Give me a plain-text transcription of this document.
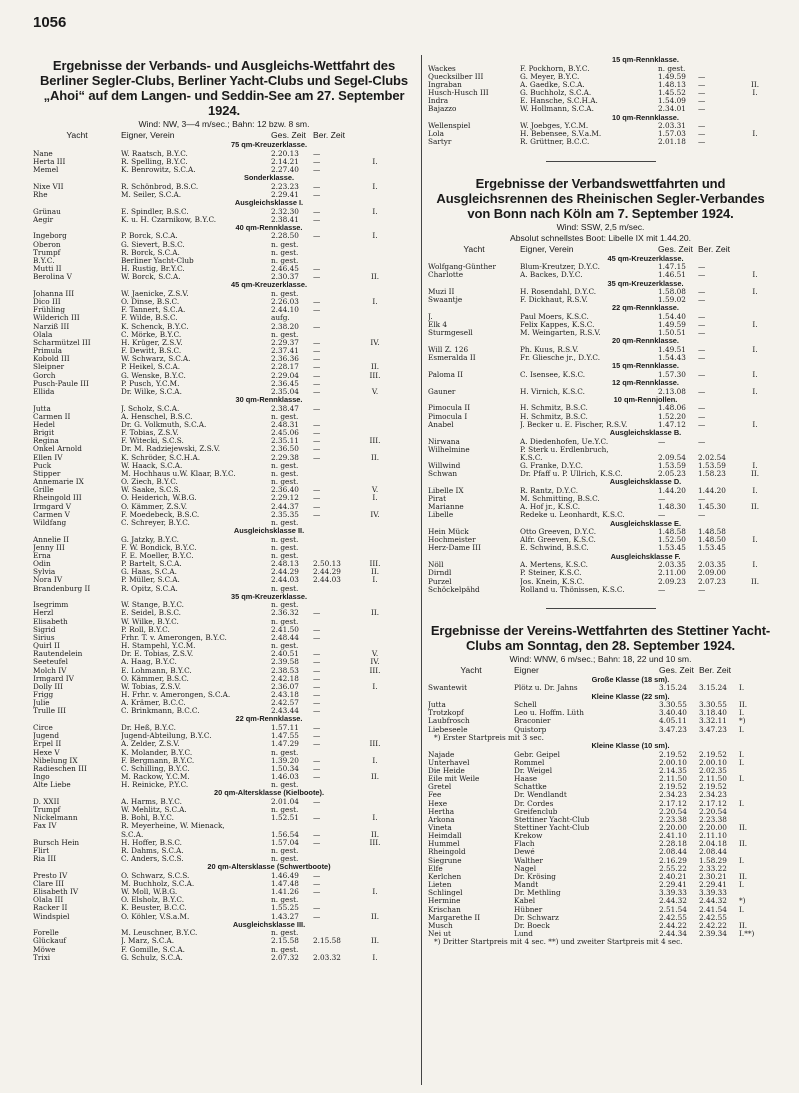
1056
Ergebnisse der Verbands- und Ausgleichs-Wettfahrt des Berliner Segler-Clubs, Berliner Yacht-Clubs und Segel-Clubs „Ahoi“ auf dem Langen- und Seddin-See am 27. September 1924.
Wind: NW, 3—4 m/sec.; Bahn: 12 bzw. 8 sm.
Yacht	Eigner, Verein	Ges. Zeit Ber. Zeit
75 qm-Kreuzerklasse.
Nane	W. Raatsch, B.Y.C.	2.20.13	—
Herta III	R. Spelling, B.Y.C.	2.14.21	—	I.
Memel	K. Benrowitz, S.C.A.	2.27.40	—
Sonderklasse.
Nixe VII	R. Schönbrod, B.S.C.	2.23.23	—	I.
Rhe	M. Seiler, S.C.A.	2.29.41	—
Ausgleichsklasse I.
Grünau	E. Spindler, B.S.C.	2.32.30	—	I.
Aegir	K. u. H. Czarnikow, B.Y.C.	2.38.41	—
40 qm-Rennklasse.
Ingeborg	P. Borck, S.C.A.	2.28.50	—	I.
Oberon	G. Sievert, B.S.C.	n. gest.
Trumpf	R. Borck, S.C.A.	n. gest.
B.Y.C.	Berliner Yacht-Club	n. gest.
Mutti II	H. Rustig, Br.Y.C.	2.46.45	—
Berolina V	W. Borck, S.C.A.	2.30.37	—	II.
45 qm-Kreuzerklasse.
Johanna III	W. Jaenicke, Z.S.V.	n. gest.
Dico III	O. Dinse, B.S.C.	2.26.03	—	I.
Frühling	F. Tannert, S.C.A.	2.44.10	—
Wilderich III	F. Wilde, B.S.C.	aufg.
Narziß III	K. Schenck, B.Y.C.	2.38.20	—
Olala	C. Mörke, B.Y.C.	n. gest.
Scharmützel III	H. Krüger, Z.S.V.	2.29.37	—	IV.
Primula	F. Dewitt, B.S.C.	2.37.41	—
Kobold III	W. Schwarz, S.C.A.	2.36.36	—
Sleipner	P. Heikel, S.C.A.	2.28.17	—	II.
Gorch	G. Wenske, B.Y.C.	2.29.04	—	III.
Pusch-Paule III	P. Pusch, Y.C.M.	2.36.45	—
Ellida	Dr. Wilke, S.C.A.	2.35.04	—	V.
30 qm-Rennklasse.
Jutta	J. Scholz, S.C.A.	2.38.47	—
Carmen II	A. Henschel, B.S.C.	n. gest.
Hedel	Dr. G. Volkmuth, S.C.A.	2.48.31	—
Brigit	F. Tobias, Z.S.V.	2.45.06	—
Regina	F. Witecki, S.C.S.	2.35.11	—	III.
Onkel Arnold	Dr. M. Radziejewski, Z.S.V.	2.36.50	—
Ellen IV	K. Schröder, S.C.H.A.	2.29.38	—	II.
Puck	W. Haack, S.C.A.	n. gest.
Stipper	M. Hochhaus u.W. Klaar, B.Y.C.	n. gest.
Annemarie IX	O. Ziech, B.Y.C.	n. gest.
Grille	W. Saake, S.C.S.	2.36.40	—	V.
Rheingold III	O. Heiderich, W.B.G.	2.29.12	—	I.
Irmgard V	O. Kämmer, Z.S.V.	2.44.37	—
Carmen V	F. Moedebeck, B.S.C.	2.35.35	—	IV.
Wildfang	C. Schreyer, B.Y.C.	n. gest.
Ausgleichsklasse II.
Annelie II	G. Jatzky, B.Y.C.	n. gest.
Jenny III	F. W. Bondick, B.Y.C.	n. gest.
Erna	F. E. Moeller, B.Y.C.	n. gest.
Odin	P. Bartelt, S.C.A.	2.48.13	2.50.13	III.
Sylvia	G. Haas, S.C.A.	2.44.29	2.44.29	II.
Nora IV	P. Müller, S.C.A.	2.44.03	2.44.03	I.
Brandenburg II	R. Opitz, S.C.A.	n. gest.
35 qm-Kreuzerklasse.
Isegrimm	W. Stange, B.Y.C.	n. gest.
Herzl	E. Seidel, B.S.C.	2.36.32	—	II.
Elisabeth	W. Wilke, B.Y.C.	n. gest.
Sigrid	P. Roll, B.Y.C.	2.41.50	—
Sirius	Frhr. T. v. Amerongen, B.Y.C.	2.48.44	—
Quirl II	H. Stampehl, Y.C.M.	n. gest.
Rautendelein	Dr. E. Tobias, Z.S.V.	2.40.51	—	V.
Seeteufel	A. Haag, B.Y.C.	2.39.58	—	IV.
Molch IV	E. Lohmann, B.Y.C.	2.38.53	—	III.
Irmgard IV	O. Kämmer, B.S.C.	2.42.18	—
Dolly III	W. Tobias, Z.S.V.	2.36.07	—	I.
Frigg	H. Frhr. v. Amerongen, S.C.A.	2.43.18	—
Julie	A. Krämer, B.C.C.	2.42.57	—
Trulle III	C. Brinkmann, B.C.C.	2.43.44	—
22 qm-Rennklasse.
Circe	Dr. Heß, B.Y.C.	1.57.11	—
Jugend	Jugend-Abteilung, B.Y.C.	1.47.55	—
Erpel II	A. Zelder, Z.S.V.	1.47.29	—	III.
Hexe V	K. Molander, B.Y.C.	n. gest.
Nibelung IX	F. Bergmann, B.Y.C.	1.39.20	—	I.
Radieschen III	C. Schilling, B.Y.C.	1.50.34	—
Ingo	M. Rackow, Y.C.M.	1.46.03	—	II.
Alte Liebe	H. Reinicke, P.Y.C.	n. gest.
20 qm-Altersklasse (Kielboote).
D. XXII	A. Harms, B.Y.C.	2.01.04	—
Trumpf	W. Mehlitz, S.C.A.	n. gest.
Nickelmann	B. Bohl, B.Y.C.	1.52.51	—	I.
Fax IV	R. Meyerheine, W. Mienack,
S.C.A.	1.56.54	—	II.
Bursch Hein	H. Hoffer, B.S.C.	1.57.04	—	III.
Flirt	R. Dahms, S.C.A.	n. gest.
Ria III	C. Anders, S.C.S.	n. gest.
20 qm-Altersklasse (Schwertboote)
Presto IV	O. Schwarz, S.C.S.	1.46.49	—
Clare III	M. Buchholz, S.C.A.	1.47.48	—
Elisabeth IV	W. Moll, W.B.G.	1.41.26	—	I.
Olala III	O. Elsholz, B.Y.C.	n. gest.
Racker II	K. Beuster, B.C.C.	1.55.25	—
Windspiel	O. Köhler, V.S.a.M.	1.43.27	—	II.
Ausgleichsklasse III.
Forelle	M. Leuschner, B.Y.C.	n. gest.
Glückauf	J. Marz, S.C.A.	2.15.58	2.15.58	II.
Möwe	F. Gomille, S.C.A.	n. gest.
Trixi	G. Schulz, S.C.A.	2.07.32	2.03.32	I.
15 qm-Rennklasse.
Wackes	F. Pockhorn, B.Y.C.	n. gest.
Quecksilber III	G. Meyer, B.Y.C.	1.49.59	—
Ingraban	A. Gaedke, S.C.A.	1.48.13	—	II.
Husch-Husch III	G. Buchholz, S.C.A.	1.45.52	—	I.
Indra	E. Hansche, S.C.H.A.	1.54.09	—
Bajazzo	W. Hollmann, S.C.A.	2.34.01	—
10 qm-Rennklasse.
Wellenspiel	W. Joebges, Y.C.M.	2.03.31	—
Lola	H. Bebensee, S.V.a.M.	1.57.03	—	I.
Sartyr	R. Grüttner, B.C.C.	2.01.18	—
Ergebnisse der Verbandswettfahrten und Ausgleichsrennen des Rheinischen Segler-Verbandes von Bonn nach Köln am 7. September 1924.
Wind: SSW, 2,5 m/sec.
Absolut schnellstes Boot: Libelle IX mit 1.44.20.
Yacht	Eigner, Verein	Ges. Zeit Ber. Zeit
45 qm-Kreuzerklasse.
Wolfgang-Günther	Blum-Kreutzer, D.Y.C.	1.47.15	—
Charlotte	A. Backes, D.Y.C.	1.46.51	—	I.
35 qm-Kreuzerklasse.
Muzi II	H. Rosendahl, D.Y.C.	1.58.08	—	I.
Swaantje	F. Dickhaut, R.S.V.	1.59.02	—
22 qm-Rennklasse.
J.	Paul Moers, K.S.C.	1.54.40	—
Elk 4	Felix Kappes, K.S.C.	1.49.59	—	I.
Sturmgesell	M. Weingarten, R.S.V.	1.50.51	—
20 qm-Rennklasse.
Will Z. 126	Ph. Kuus, R.S.V.	1.49.51	—	I.
Esmeralda II	Fr. Gliesche jr., D.Y.C.	1.54.43	—
15 qm-Rennklasse.
Paloma II	C. Isensee, K.S.C.	1.57.30	—	I.
12 qm-Rennklasse.
Gauner	H. Virnich, K.S.C.	2.13.08	—	I.
10 qm-Rennjollen.
Pimocula II	H. Schmitz, B.S.C.	1.48.06	—
Pimocula I	H. Schmitz, B.S.C.	1.52.20	—
Anabel	J. Becker u. E. Fischer, R.S.V.	1.47.12	—	I.
Ausgleichsklasse B.
Nirwana	A. Diedenhofen, Ue.Y.C.	—	—
Wilhelmine	P. Sterk u. Erdlenbruch,
K.S.C.	2.09.54	2.02.54
Willwind	G. Franke, D.Y.C.	1.53.59	1.53.59	I.
Schwan	Dr. Pfaff u. P. Ullrich, K.S.C.	2.05.23	1.58.23	II.
Ausgleichsklasse D.
Libelle IX	R. Rantz, D.Y.C.	1.44.20	1.44.20	I.
Pirat	M. Schmitting, B.S.C.	—	—
Marianne	A. Hof jr., K.S.C.	1.48.30	1.45.30	II.
Libelle	Redeke u. Leonhardt, K.S.C.	—	—
Ausgleichsklasse E.
Hein Mück	Otto Greeven, D.Y.C.	1.48.58	1.48.58
Hochmeister	Alfr. Greeven, K.S.C.	1.52.50	1.48.50	I.
Herz-Dame III	E. Schwind, B.S.C.	1.53.45	1.53.45
Ausgleichsklasse F.
Nöll	A. Mertens, K.S.C.	2.03.35	2.03.35	I.
Dirndl	P. Steiner, K.S.C.	2.11.00	2.09.00
Purzel	Jos. Knein, K.S.C.	2.09.23	2.07.23	II.
Schöckelpähd	Rolland u. Thönissen, K.S.C.	—	—
Ergebnisse der Vereins-Wettfahrten des Stettiner Yacht-Clubs am Sonntag, den 28. September 1924.
Wind: WNW, 6 m/sec.; Bahn: 18, 22 und 10 sm.
Yacht	Eigner	Ges. Zeit Ber. Zeit
Große Klasse (18 sm).
Swantewit	Plötz u. Dr. Jahns	3.15.24	3.15.24	I.
Kleine Klasse (22 sm).
Jutta	Schell	3.30.55	3.30.55	II.
Trotzkopf	Leo u. Hoffm. Lüth	3.40.40	3.18.40	I.
Laubfrosch	Braconier	4.05.11	3.32.11	*)
Liebeseele	Quistorp	3.47.23	3.47.23	I.
*) Erster Startpreis mit 3 sec.
Kleine Klasse (10 sm).
Najade	Gebr. Geipel	2.19.52	2.19.52	I.
Unterhavel	Rommel	2.00.10	2.00.10	I.
Die Heide	Dr. Weigel	2.14.35	2.02.35
Eile mit Weile	Haase	2.11.50	2.11.50	I.
Gretel	Schattke	2.19.52	2.19.52
Fee	Dr. Wendlandt	2.34.23	2.34.23
Hexe	Dr. Cordes	2.17.12	2.17.12	I.
Hertha	Greifenclub	2.20.54	2.20.54
Arkona	Stettiner Yacht-Club	2.23.38	2.23.38
Vineta	Stettiner Yacht-Club	2.20.00	2.20.00	II.
Heimdall	Krekow	2.41.10	2.11.10
Hummel	Flach	2.28.18	2.04.18	II.
Rheingold	Dewé	2.08.44	2.08.44
Siegrune	Walther	2.16.29	1.58.29	I.
Elfe	Nagel	2.55.22	2.33.22
Kerlchen	Dr. Krösing	2.40.21	2.30.21	II.
Lieten	Mandt	2.29.41	2.29.41	I.
Schlingel	Dr. Methling	3.39.33	3.39.33
Hermine	Kabel	2.44.32	2.44.32	*)
Krischan	Hübner	2.51.54	2.41.54	I.
Margarethe II	Dr. Schwarz	2.42.55	2.42.55
Musch	Dr. Boeck	2.44.22	2.42.22	II.
Nei ut	Lund	2.44.34	2.39.34	I.**)
*) Dritter Startpreis mit 4 sec. **) und zweiter Startpreis mit 4 sec.
